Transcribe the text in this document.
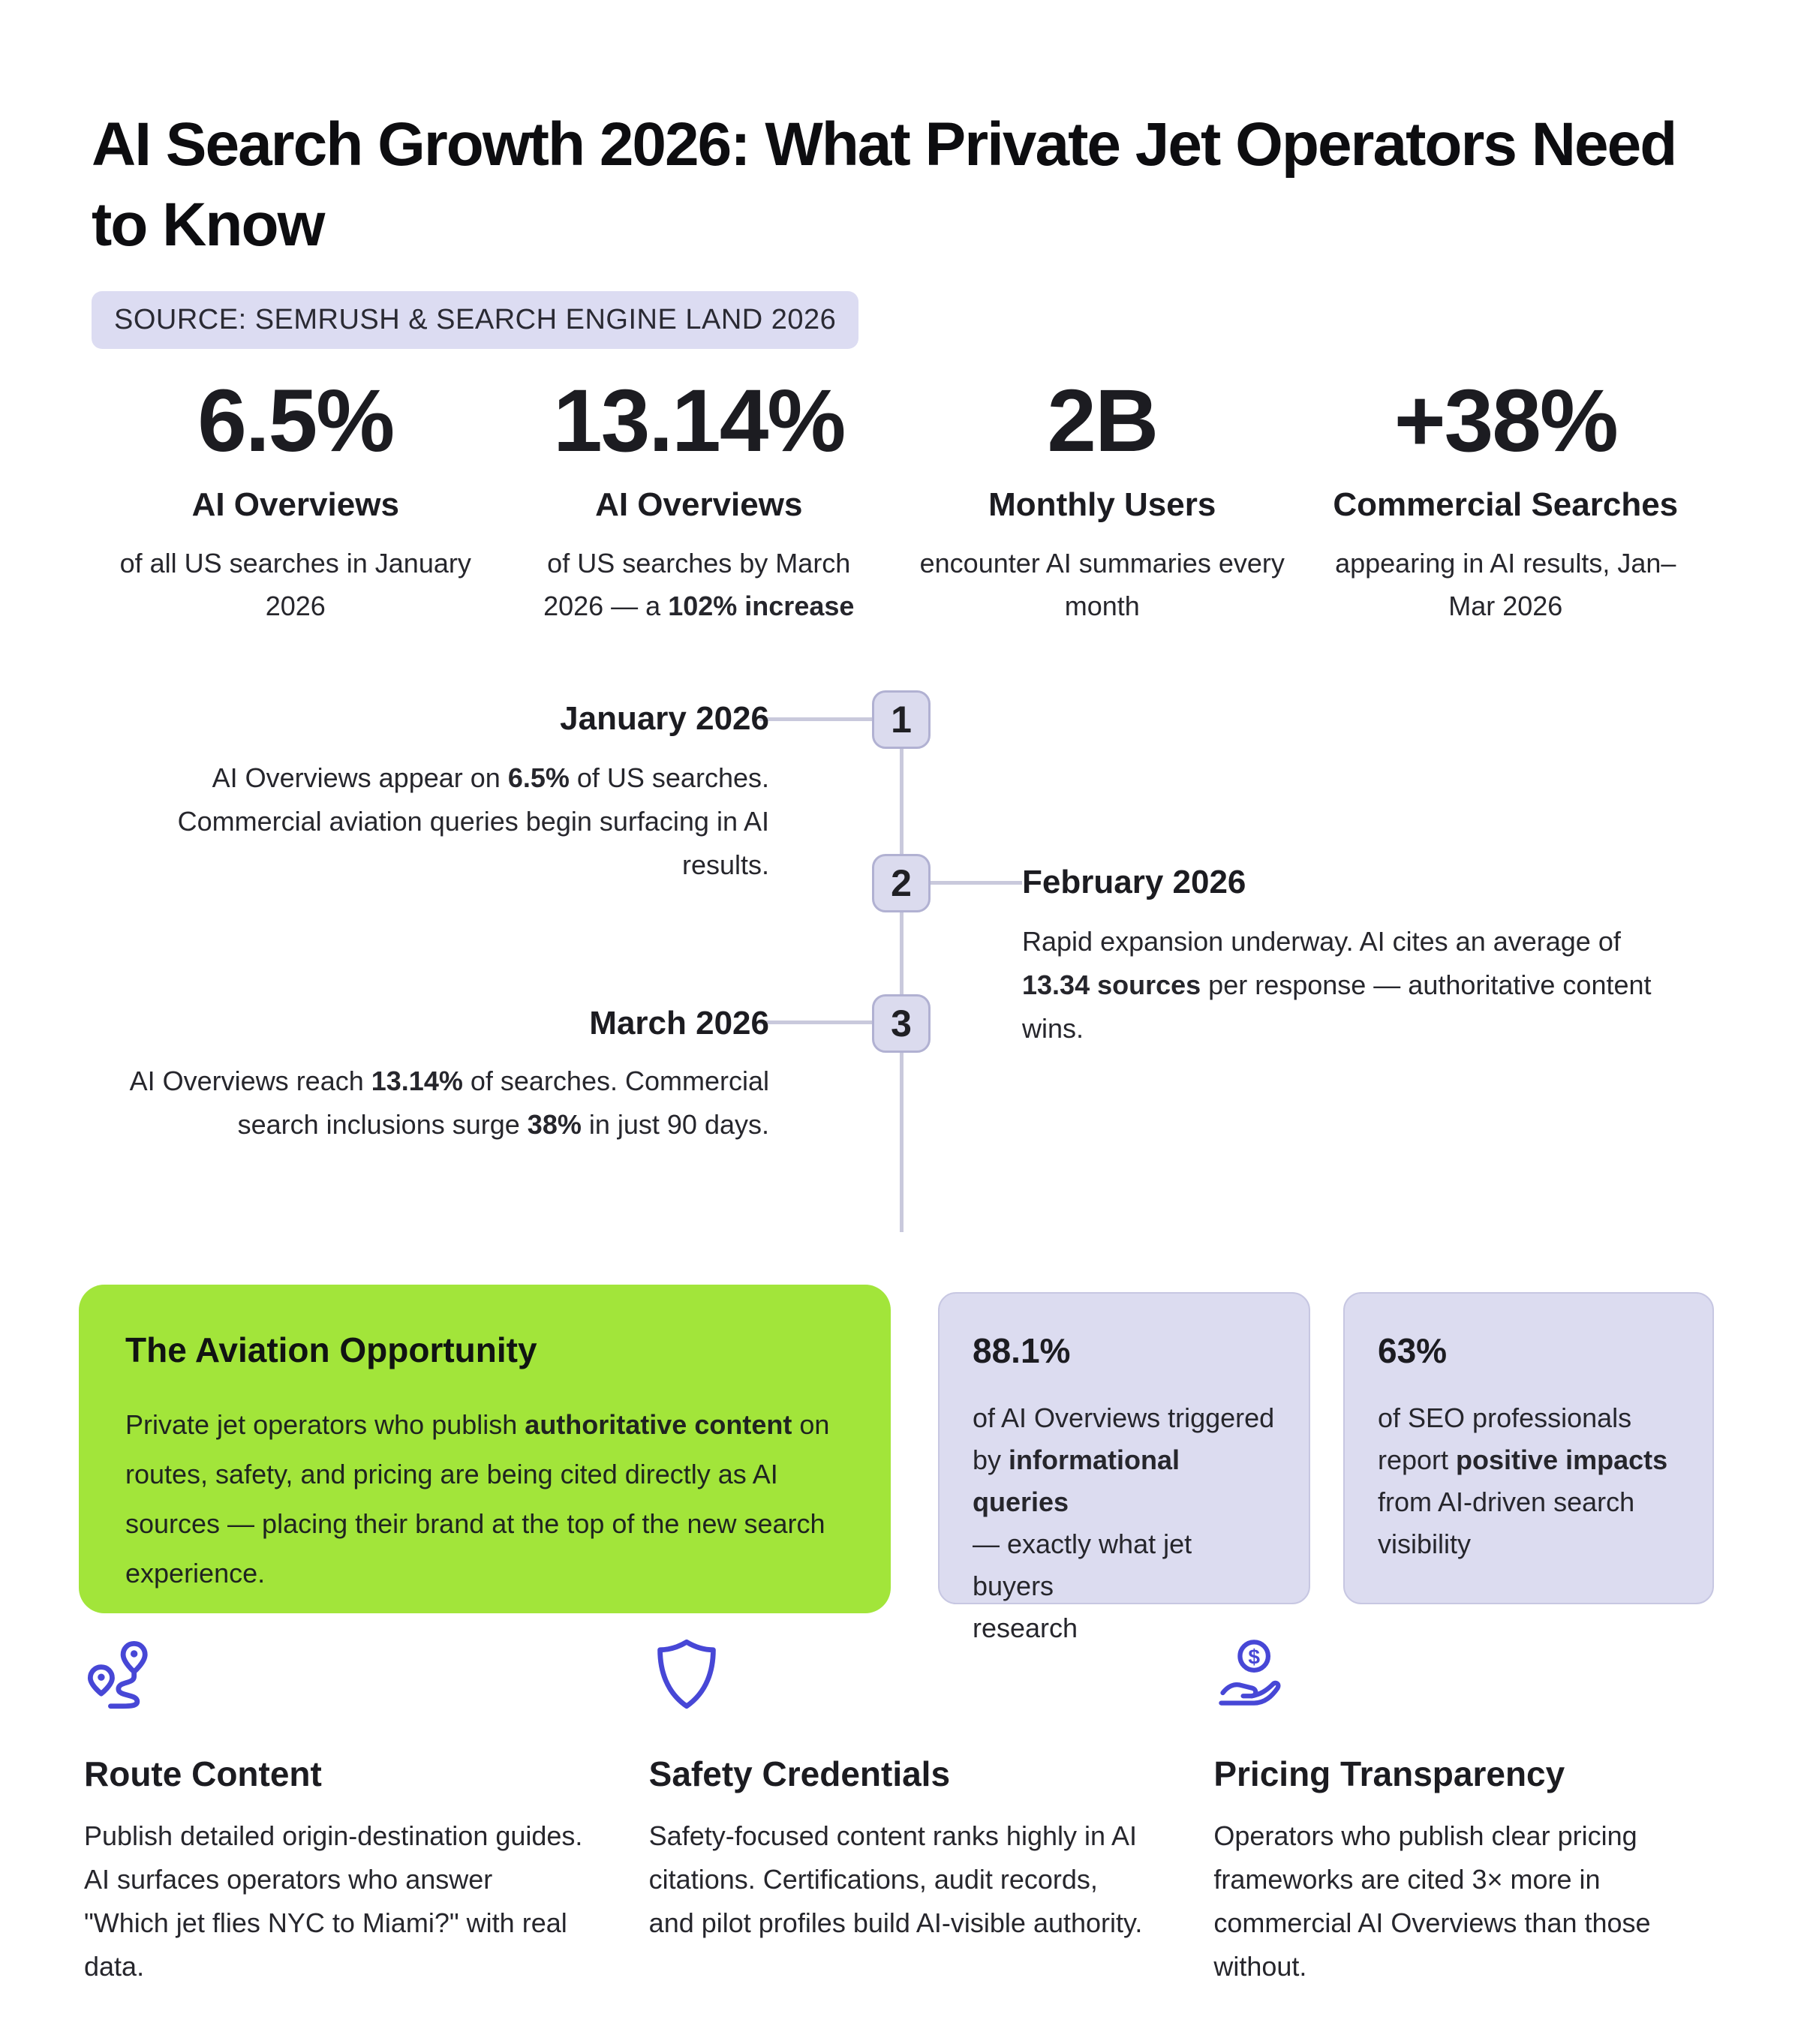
AI Search Growth 2026: What Private Jet Operators Need to Know
SOURCE: SEMRUSH & SEARCH ENGINE LAND 2026
6.5%
AI Overviews
of all US searches in January
2026
13.14%
AI Overviews
of US searches by March
2026 — a 102% increase
2B
Monthly Users
encounter AI summaries every
month
+38%
Commercial Searches
appearing in AI results, Jan–
Mar 2026
1
January 2026
AI Overviews appear on 6.5% of US searches.
Commercial aviation queries begin surfacing in AI
results.	2	February 2026
Rapid expansion underway. AI cites an average of
13.34 sources per response — authoritative content
wins.
3
March 2026
AI Overviews reach 13.14% of searches. Commercial
search inclusions surge 38% in just 90 days.
The Aviation Opportunity

Private jet operators who publish authoritative content on
routes, safety, and pricing are being cited directly as AI
sources — placing their brand at the top of the new search
experience.

88.1%
of AI Overviews triggered
by informational queries
— exactly what jet buyers
research
63%
of SEO professionals
report positive impacts
from AI-driven search
visibility
Route Content
Publish detailed origin-destination guides.
AI surfaces operators who answer
"Which jet flies NYC to Miami?" with real
data.
Safety Credentials
Safety-focused content ranks highly in AI
citations. Certifications, audit records,
and pilot profiles build AI-visible authority.
$
Pricing Transparency
Operators who publish clear pricing
frameworks are cited 3× more in
commercial AI Overviews than those
without.
